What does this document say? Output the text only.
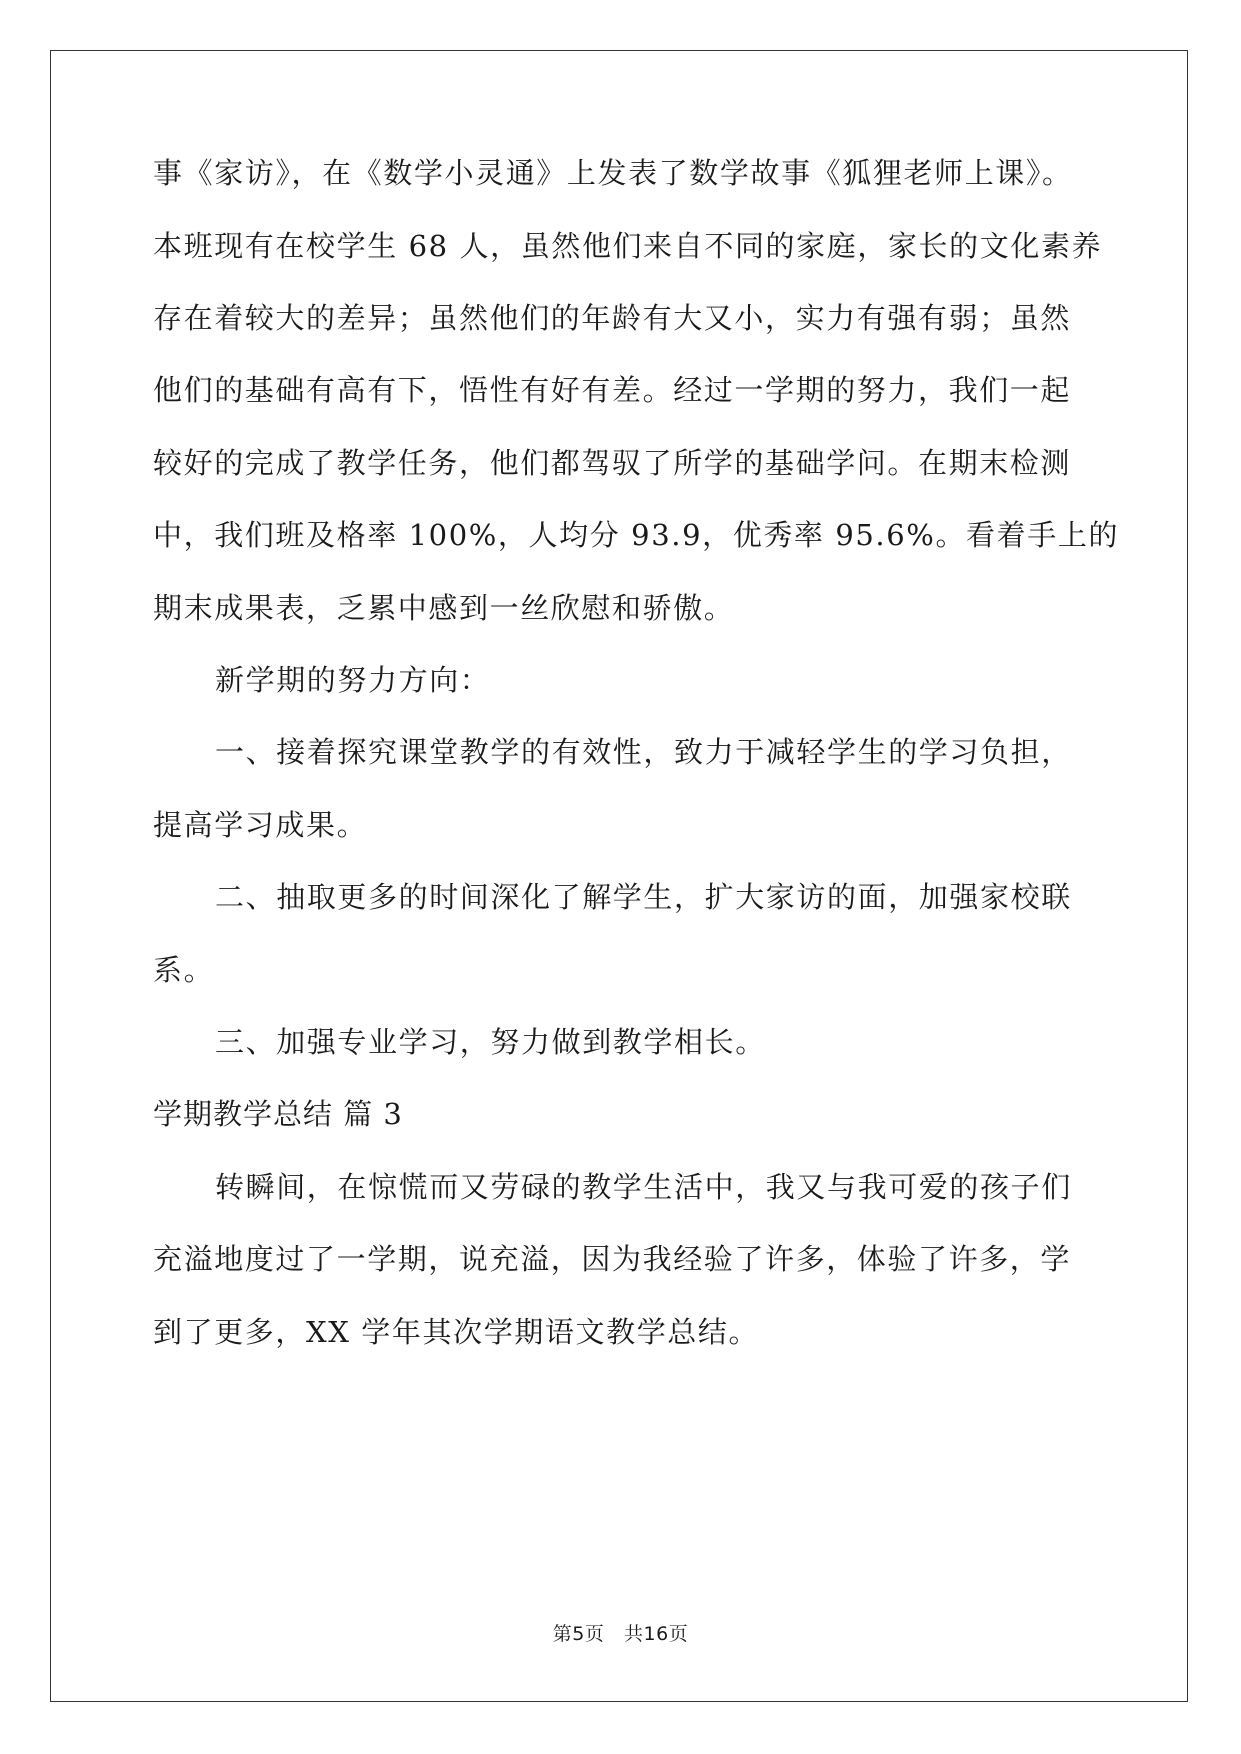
事《家访》，在《数学小灵通》上发表了数学故事《狐狸老师上课》。
本班现有在校学生 68 人，虽然他们来自不同的家庭，家长的文化素养
存在着较大的差异；虽然他们的年龄有大又小，实力有强有弱；虽然
他们的基础有高有下，悟性有好有差。经过一学期的努力，我们一起
较好的完成了教学任务，他们都驾驭了所学的基础学问。在期末检测
中，我们班及格率 100%，人均分 93.9，优秀率 95.6%。看着手上的
期末成果表，乏累中感到一丝欣慰和骄傲。
新学期的努力方向：
一、接着探究课堂教学的有效性，致力于减轻学生的学习负担，
提高学习成果。
二、抽取更多的时间深化了解学生，扩大家访的面，加强家校联
系。
三、加强专业学习，努力做到教学相长。
学期教学总结 篇 3
转瞬间，在惊慌而又劳碌的教学生活中，我又与我可爱的孩子们
充溢地度过了一学期，说充溢，因为我经验了许多，体验了许多，学
到了更多，XX 学年其次学期语文教学总结。
第5页   共16页
